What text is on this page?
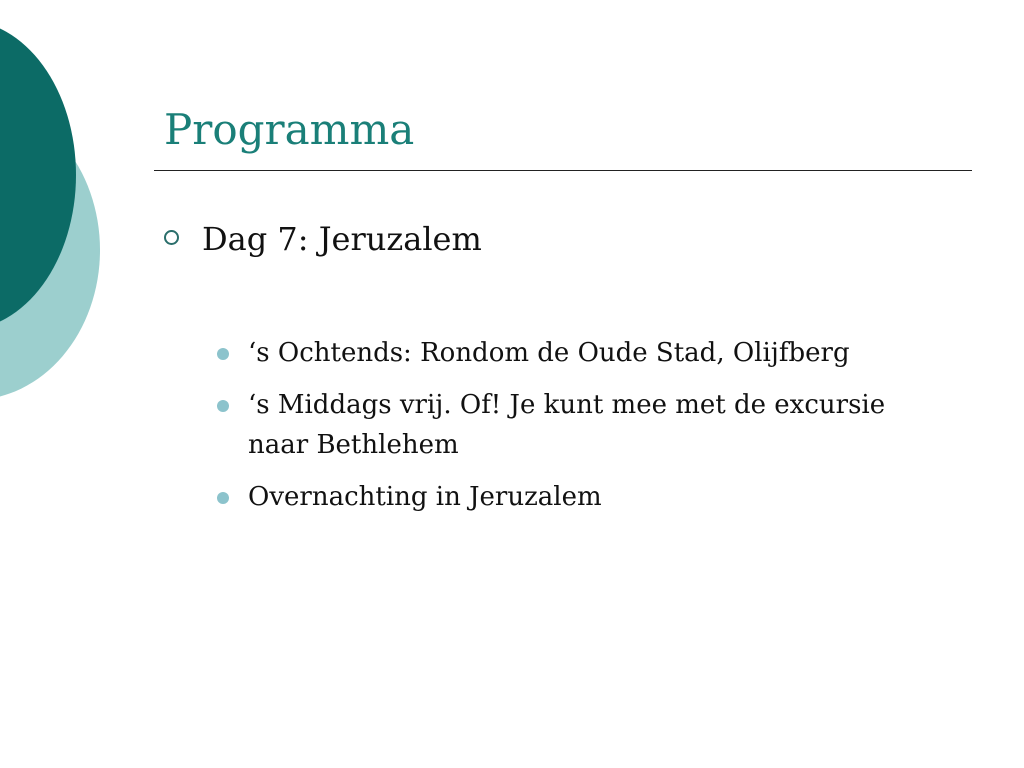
Programma
Dag 7: Jeruzalem
‘s Ochtends: Rondom de Oude Stad, Olijfberg
‘s Middags vrij. Of! Je kunt mee met de excursie naar Bethlehem
Overnachting in Jeruzalem
